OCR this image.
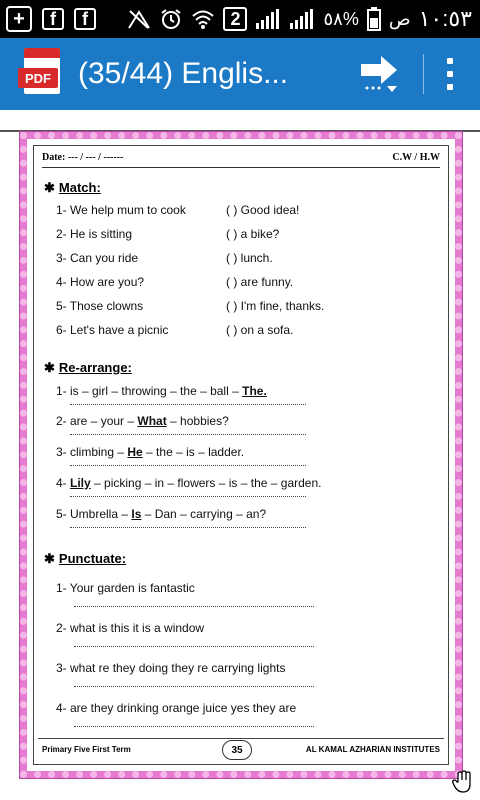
+	f	f	2	٥٨% ص ١٠:٥٣
PDF (35/44) Englis...
Date: --- / --- / ------	C.W / H.W
✱ Match:
1- We help mum to cook	( ) Good idea!
2- He is sitting	( ) a bike?
3- Can you ride	( ) lunch.
4- How are you?	( ) are funny.
5- Those clowns	( ) I'm fine, thanks.
6- Let's have a picnic	( ) on a sofa.
✱ Re-arrange:
1- is – girl – throwing – the – ball – The.
2- are – your – What – hobbies?
3- climbing – He – the – is – ladder.
4- Lily – picking – in – flowers – is – the – garden.
5- Umbrella – Is – Dan – carrying – an?
✱ Punctuate:
1- Your garden is fantastic
2- what is this it is a window
3- what re they doing they re carrying lights
4- are they drinking orange juice yes they are
Primary Five First Term	35	AL KAMAL AZHARIAN INSTITUTES
